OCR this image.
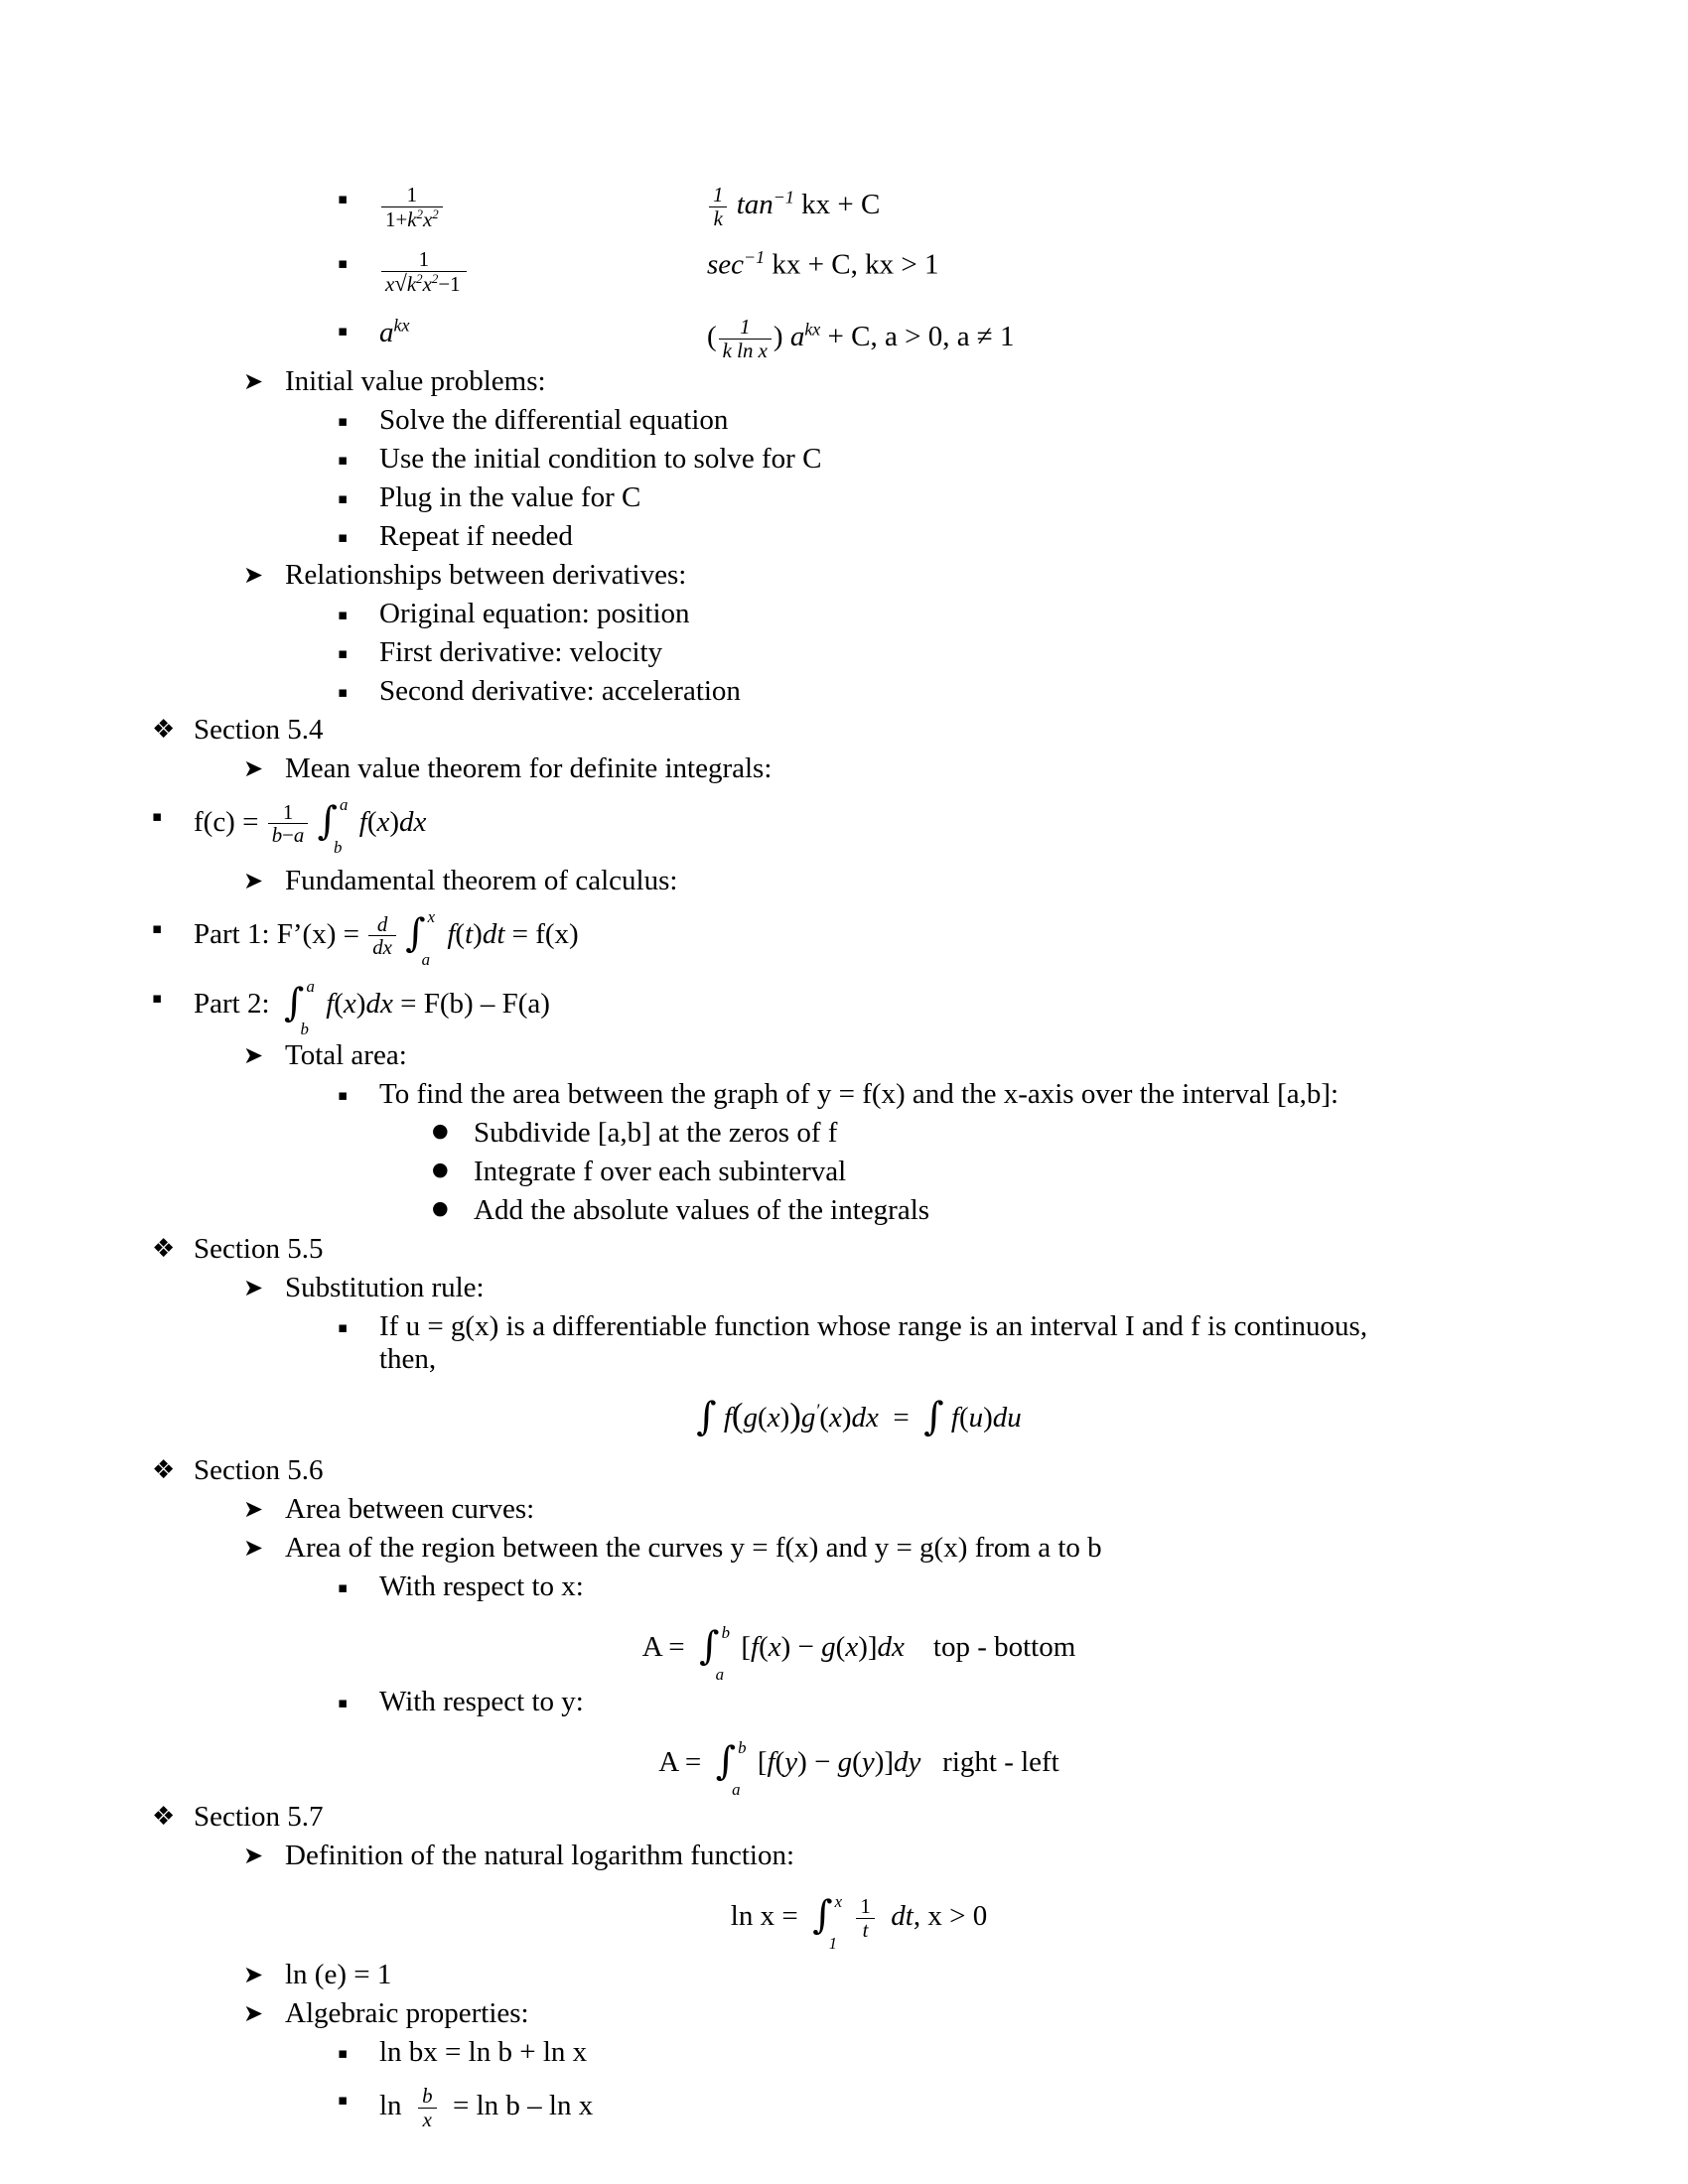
▪	$\frac{1}{1+k^2x^2}$	$\frac{1}{k} \tan^{-1}$ kx + C
▪	$\frac{1}{x√k^2x^2-1}$	$\sec^{-1}$ kx + C, kx > 1
▪	$a^{kx}$	( $\frac{1}{\text{k ln x}}$ ) $a^{kx} + C$, a > 0, a ≠ 1
➤ Initial value problems:
▪	Solve the differential equation
▪	Use the initial condition to solve for C
▪	Plug in the value for C
▪	Repeat if needed
➤ Relationships between derivatives:
▪	Original equation: position
▪	First derivative: velocity
▪	Second derivative: acceleration
❖ Section 5.4
➤ Mean value theorem for definite integrals:
▪	$f(c) = \frac{1}{b-a}$ ∫ a
b
f(x)dx
➤ Fundamental theorem of calculus:
▪	Part 1: F’(x) = $\frac{d}{dx}$ ∫ x
a
f(t)dt = f(x)
▪	Part 2: ∫ a
b
f(x)dx = F(b) – F(a)
➤ Total area:
▪	To find the area between the graph of y = f(x) and the x-axis over the interval [a,b]:
● Subdivide [a,b] at the zeros of f
● Integrate f over each subinterval
● Add the absolute values of the integrals
❖ Section 5.5
➤ Substitution rule:
▪	If u = g(x) is a differentiable function whose range is an interval I and f is continuous,
then,
∫ f(g(x))g′(x)dx  =  ∫ f(u)du
❖ Section 5.6
➤ Area between curves:
➤ Area of the region between the curves y = f(x) and y = g(x) from a to b
▪	With respect to x:
A =  ∫ b
a
[f(x) − g(x)]dx top - bottom
▪	With respect to y:
A =  ∫ b
a
[f(y) − g(y)]dy right - left
❖ Section 5.7
➤ Definition of the natural logarithm function:
ln x =  ∫ x
1

$\frac{1}{t}$ dt, x > 0
➤ ln (e) = 1
➤ Algebraic properties:
▪	ln bx = ln b + ln x
▪	$\ln \frac{b}{x} = \ln b - \ln x$
